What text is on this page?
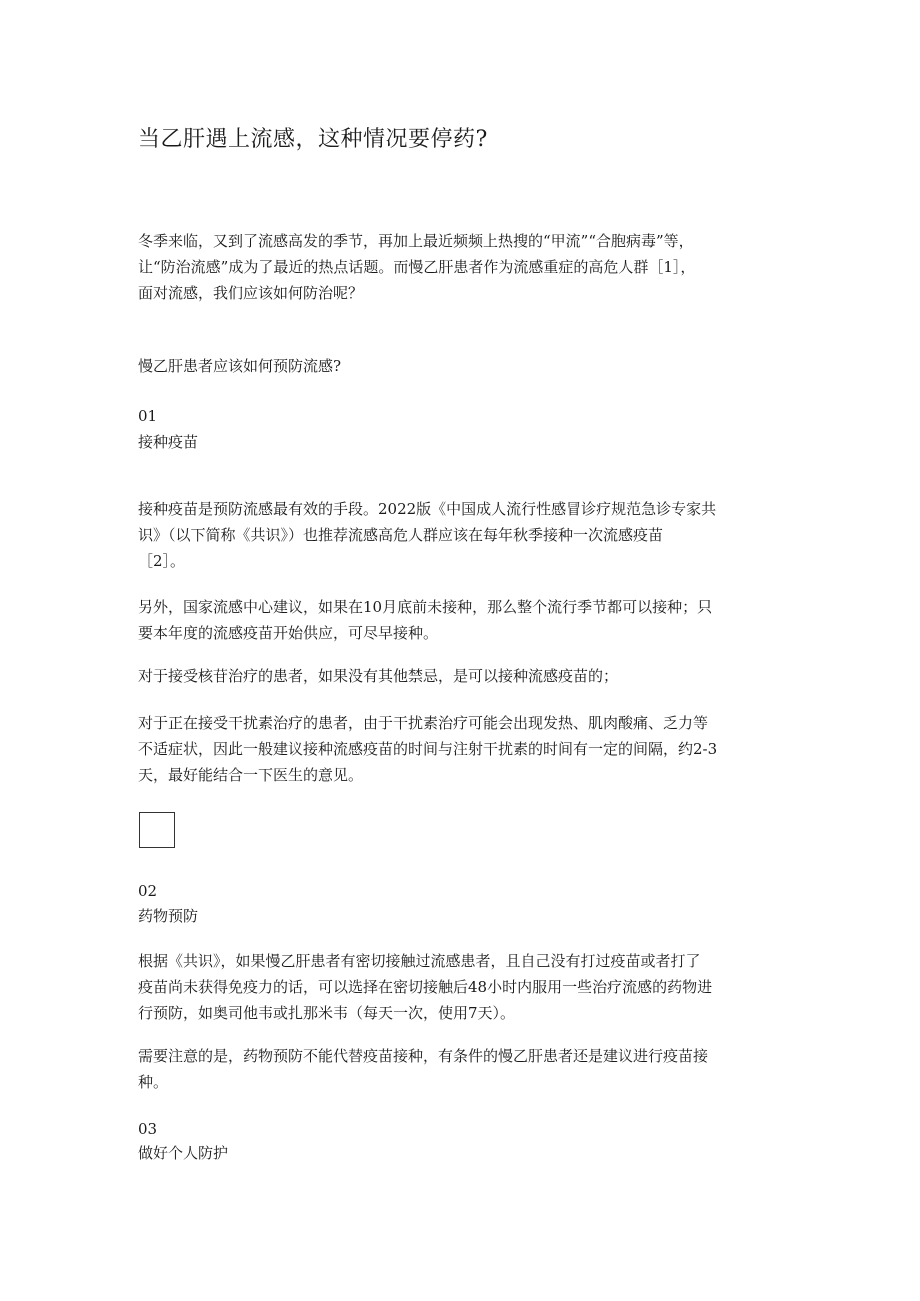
当乙肝遇上流感，这种情况要停药?
冬季来临，又到了流感高发的季节，再加上最近频频上热搜的“甲流”“合胞病毒”等，
让“防治流感”成为了最近的热点话题。而慢乙肝患者作为流感重症的高危人群［1］，
面对流感，我们应该如何防治呢？
慢乙肝患者应该如何预防流感?
01
接种疫苗
接种疫苗是预防流感最有效的手段。2022版《中国成人流行性感冒诊疗规范急诊专家共
识》（以下简称《共识》）也推荐流感高危人群应该在每年秋季接种一次流感疫苗
［2］。
另外，国家流感中心建议，如果在10月底前未接种，那么整个流行季节都可以接种；只
要本年度的流感疫苗开始供应，可尽早接种。
对于接受核苷治疗的患者，如果没有其他禁忌，是可以接种流感疫苗的；
对于正在接受干扰素治疗的患者，由于干扰素治疗可能会出现发热、肌肉酸痛、乏力等
不适症状，因此一般建议接种流感疫苗的时间与注射干扰素的时间有一定的间隔，约2-3
天，最好能结合一下医生的意见。
02
药物预防
根据《共识》，如果慢乙肝患者有密切接触过流感患者，且自己没有打过疫苗或者打了
疫苗尚未获得免疫力的话，可以选择在密切接触后48小时内服用一些治疗流感的药物进
行预防，如奥司他韦或扎那米韦（每天一次，使用7天）。
需要注意的是，药物预防不能代替疫苗接种，有条件的慢乙肝患者还是建议进行疫苗接
种。
03
做好个人防护
